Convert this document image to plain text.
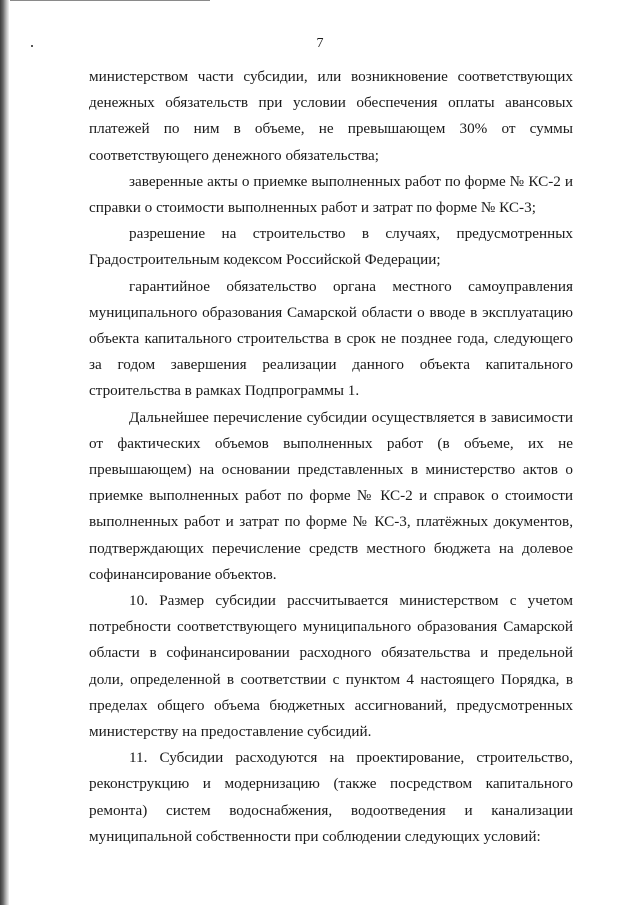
7

министерством части субсидии, или возникновение соответствующих денежных обязательств при условии обеспечения оплаты авансовых платежей по ним в объеме, не превышающем 30% от суммы соответствующего денежного обязательства;

заверенные акты о приемке выполненных работ по форме № КС-2 и справки о стоимости выполненных работ и затрат по форме № КС-3;

разрешение на строительство в случаях, предусмотренных Градостроительным кодексом Российской Федерации;

гарантийное обязательство органа местного самоуправления муниципального образования Самарской области о вводе в эксплуатацию объекта капитального строительства в срок не позднее года, следующего за годом завершения реализации данного объекта капитального строительства в рамках Подпрограммы 1.

Дальнейшее перечисление субсидии осуществляется в зависимости от фактических объемов выполненных работ (в объеме, их не превышающем) на основании представленных в министерство актов о приемке выполненных работ по форме № КС-2 и справок о стоимости выполненных работ и затрат по форме № КС-3, платёжных документов, подтверждающих перечисление средств местного бюджета на долевое софинансирование объектов.

10. Размер субсидии рассчитывается министерством с учетом потребности соответствующего муниципального образования Самарской области в софинансировании расходного обязательства и предельной доли, определенной в соответствии с пунктом 4 настоящего Порядка, в пределах общего объема бюджетных ассигнований, предусмотренных министерству на предоставление субсидий.

11. Субсидии расходуются на проектирование, строительство, реконструкцию и модернизацию (также посредством капитального ремонта) систем водоснабжения, водоотведения и канализации муниципальной собственности при соблюдении следующих условий:
